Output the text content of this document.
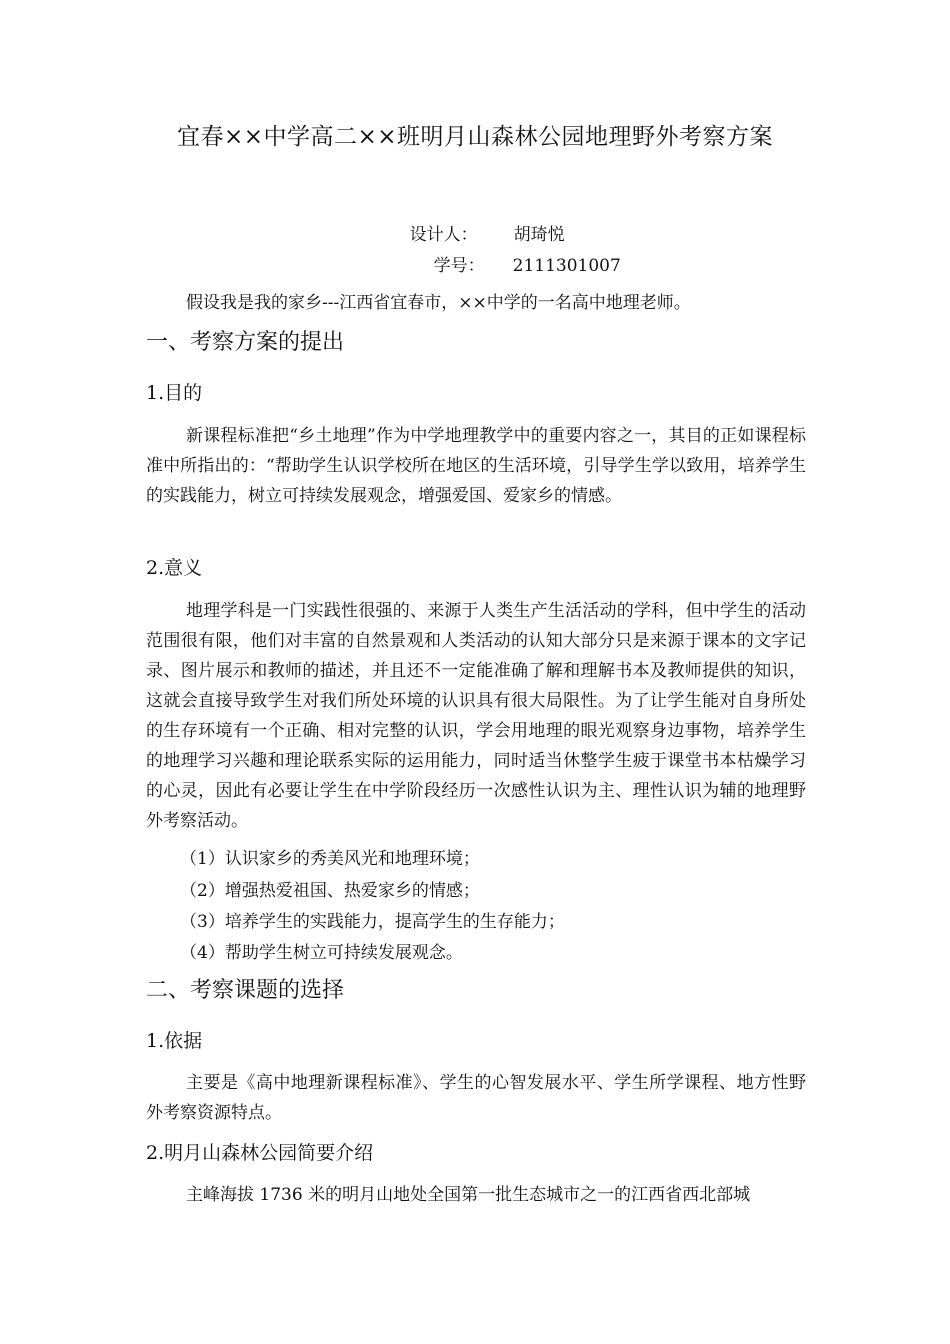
宜春××中学高二××班明月山森林公园地理野外考察方案

设计人： 胡琦悦

学号： 2111301007

假设我是我的家乡---江西省宜春市，××中学的一名高中地理老师。
一、考察方案的提出
1.目的
新课程标准把“乡土地理”作为中学地理教学中的重要内容之一，其目的正如课程标准中所指出的：“帮助学生认识学校所在地区的生活环境，引导学生学以致用，培养学生的实践能力，树立可持续发展观念，增强爱国、爱家乡的情感。
2.意义
地理学科是一门实践性很强的、来源于人类生产生活活动的学科，但中学生的活动范围很有限，他们对丰富的自然景观和人类活动的认知大部分只是来源于课本的文字记录、图片展示和教师的描述，并且还不一定能准确了解和理解书本及教师提供的知识，这就会直接导致学生对我们所处环境的认识具有很大局限性。为了让学生能对自身所处的生存环境有一个正确、相对完整的认识，学会用地理的眼光观察身边事物，培养学生的地理学习兴趣和理论联系实际的运用能力，同时适当休整学生疲于课堂书本枯燥学习的心灵，因此有必要让学生在中学阶段经历一次感性认识为主、理性认识为辅的地理野外考察活动。
（1）认识家乡的秀美风光和地理环境；
（2）增强热爱祖国、热爱家乡的情感；
（3）培养学生的实践能力，提高学生的生存能力；
（4）帮助学生树立可持续发展观念。
二、考察课题的选择
1.依据
主要是《高中地理新课程标准》、学生的心智发展水平、学生所学课程、地方性野外考察资源特点。
2.明月山森林公园简要介绍
主峰海拔 1736 米的明月山地处全国第一批生态城市之一的江西省西北部城
